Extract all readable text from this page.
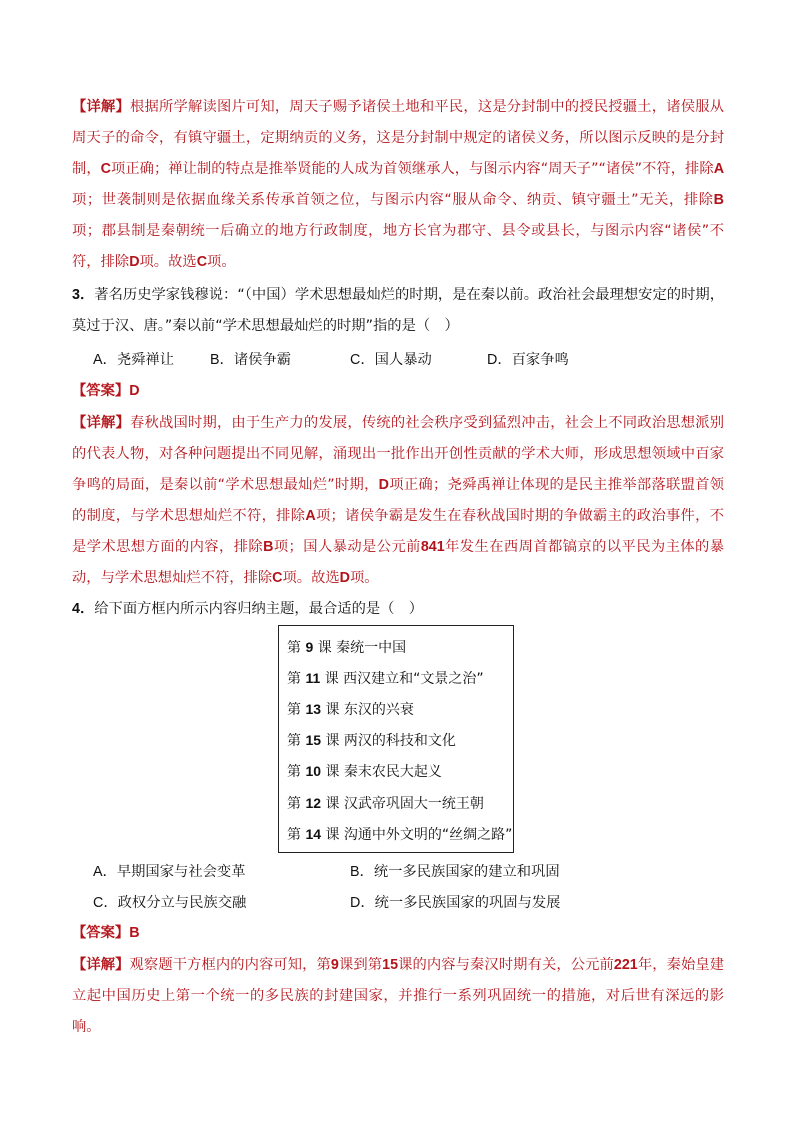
【详解】根据所学解读图片可知，周天子赐予诸侯土地和平民，这是分封制中的授民授疆土，诸侯服从周天子的命令，有镇守疆土，定期纳贡的义务，这是分封制中规定的诸侯义务，所以图示反映的是分封制，C项正确；禅让制的特点是推举贤能的人成为首领继承人，与图示内容“周天子”“诸侯”不符，排除A项；世袭制则是依据血缘关系传承首领之位，与图示内容“服从命令、纳贡、镇守疆土”无关，排除B项；郡县制是秦朝统一后确立的地方行政制度，地方长官为郡守、县令或县长，与图示内容“诸侯”不符，排除D项。故选C项。

3．著名历史学家钱穆说：“（中国）学术思想最灿烂的时期，是在秦以前。政治社会最理想安定的时期，莫过于汉、唐。”秦以前“学术思想最灿烂的时期”指的是（　）

A．尧舜禅让	B．诸侯争霸	C．国人暴动	D．百家争鸣

【答案】D

【详解】春秋战国时期，由于生产力的发展，传统的社会秩序受到猛烈冲击，社会上不同政治思想派别的代表人物，对各种问题提出不同见解，涌现出一批作出开创性贡献的学术大师，形成思想领域中百家争鸣的局面，是秦以前“学术思想最灿烂”时期，D项正确；尧舜禹禅让体现的是民主推举部落联盟首领的制度，与学术思想灿烂不符，排除A项；诸侯争霸是发生在春秋战国时期的争做霸主的政治事件，不是学术思想方面的内容，排除B项；国人暴动是公元前841年发生在西周首都镐京的以平民为主体的暴动，与学术思想灿烂不符，排除C项。故选D项。

4．给下面方框内所示内容归纳主题，最合适的是（　）

第 9 课 秦统一中国
第 11 课 西汉建立和“文景之治”
第 13 课 东汉的兴衰
第 15 课 两汉的科技和文化
第 10 课 秦末农民大起义
第 12 课 汉武帝巩固大一统王朝
第 14 课 沟通中外文明的“丝绸之路”
A．早期国家与社会变革	B．统一多民族国家的建立和巩固
C．政权分立与民族交融	D．统一多民族国家的巩固与发展

【答案】B

【详解】观察题干方框内的内容可知，第9课到第15课的内容与秦汉时期有关，公元前221年，秦始皇建立起中国历史上第一个统一的多民族的封建国家，并推行一系列巩固统一的措施，对后世有深远的影响。
